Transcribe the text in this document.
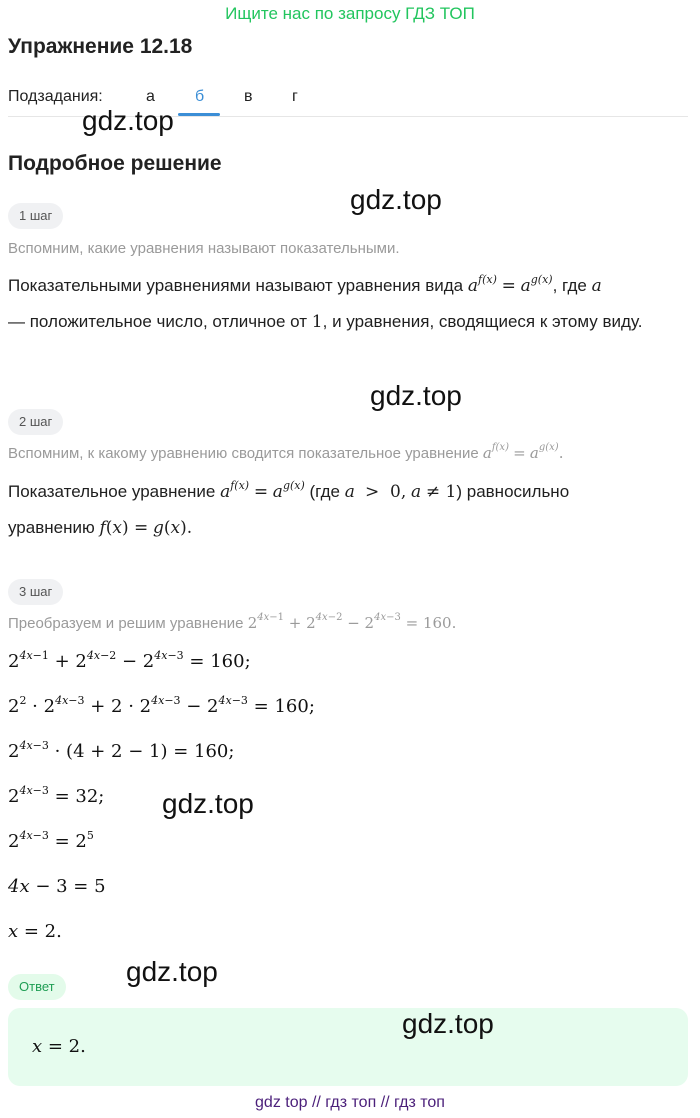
Ищите нас по запросу ГДЗ ТОП
Упражнение 12.18
Подзадания:	а	б в г
gdz.top
Подробное решение
gdz.top
1 шаг
Вспомним, какие уравнения называют показательными.
Показательными уравнениями называют уравнения вида $a^{f(x)} = a^{g(x)}$, где a
— положительное число, отличное от 1, и уравнения, сводящиеся к этому виду.
gdz.top
2 шаг
Вспомним, к какому уравнению сводится показательное уравнение $a^{f(x)} = a^{g(x)}$.
Показательное уравнение $a^{f(x)} = a^{g(x)}$ (где a  >  0, a ≠ 1) равносильно
уравнению f(x) = g(x).
3 шаг
Преобразуем и решим уравнение $2^{4x-1} + 2^{4x-2} - 2^{4x-3} = 160$.
$2^{4x-1} + 2^{4x-2} - 2^{4x-3} = 160$;
$2^2 \cdot 2^{4x-3} + 2 \cdot 2^{4x-3} - 2^{4x-3} = 160$;
$2^{4x-3} \cdot (4 + 2 - 1) = 160$;
$2^{4x-3} = 32$; gdz.top
$2^{4x-3} = 2^5$
4x − 3 = 5
x = 2.
gdz.top
Ответ
x = 2.
gdz.top
gdz top // гдз топ // гдз топ
